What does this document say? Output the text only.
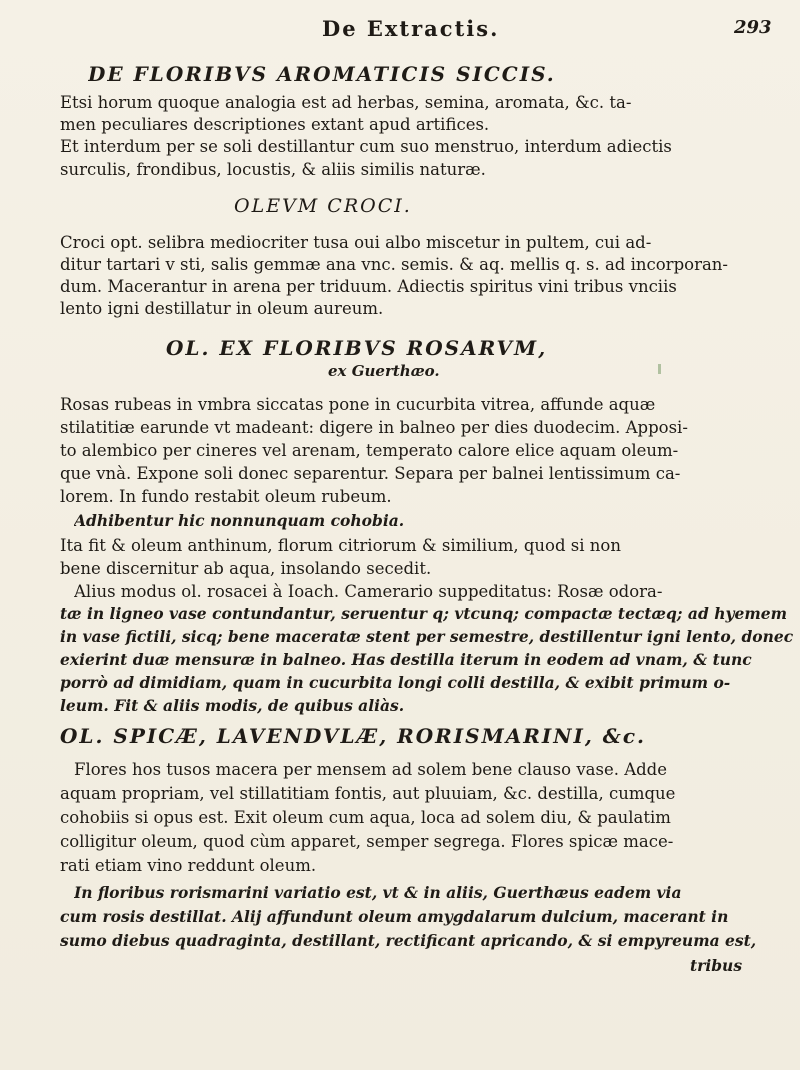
De Extractis.	293
DE FLORIBVS AROMATICIS SICCIS.
Etsi horum quoque analogia est ad herbas, semina, aromata, &c. ta-
men peculiares descriptiones extant apud artifices.
Et interdum per se soli destillantur cum suo menstruo, interdum adiectis
surculis, frondibus, locustis, & aliis similis naturæ.
OLEVM CROCI.
Croci opt. selibra mediocriter tusa oui albo miscetur in pultem, cui ad-
ditur tartari v sti, salis gemmæ ana vnc. semis. & aq. mellis q. s. ad incorporan-
dum. Macerantur in arena per triduum. Adiectis spiritus vini tribus vnciis
lento igni destillatur in oleum aureum.
OL. EX FLORIBVS ROSARVM,
ex Guerthæo.
Rosas rubeas in vmbra siccatas pone in cucurbita vitrea, affunde aquæ
stilatitiæ earunde vt madeant: digere in balneo per dies duodecim. Apposi-
to alembico per cineres vel arenam, temperato calore elice aquam oleum-
que vnà. Expone soli donec separentur. Separa per balnei lentissimum ca-
lorem. In fundo restabit oleum rubeum.
Adhibentur hic nonnunquam cohobia.
Ita fit & oleum anthinum, florum citriorum & similium, quod si non
bene discernitur ab aqua, insolando secedit.
Alius modus ol. rosacei à Ioach. Camerario suppeditatus: Rosæ odora-
tæ in ligneo vase contundantur, seruentur q; vtcunq; compactæ tectæq; ad hyemem
in vase fictili, sicq; bene maceratæ stent per semestre, destillentur igni lento, donec
exierint duæ mensuræ in balneo. Has destilla iterum in eodem ad vnam, & tunc
porrò ad dimidiam, quam in cucurbita longi colli destilla, & exibit primum o-
leum. Fit & aliis modis, de quibus aliàs.
OL. SPICÆ, LAVENDVLÆ, RORISMARINI, &c.
Flores hos tusos macera per mensem ad solem bene clauso vase. Adde
aquam propriam, vel stillatitiam fontis, aut pluuiam, &c. destilla, cumque
cohobiis si opus est. Exit oleum cum aqua, loca ad solem diu, & paulatim
colligitur oleum, quod cùm apparet, semper segrega. Flores spicæ mace-
rati etiam vino reddunt oleum.
In floribus rorismarini variatio est, vt & in aliis, Guerthæus eadem via
cum rosis destillat. Alij affundunt oleum amygdalarum dulcium, macerant in
sumo diebus quadraginta, destillant, rectificant apricando, & si empyreuma est,
tribus
